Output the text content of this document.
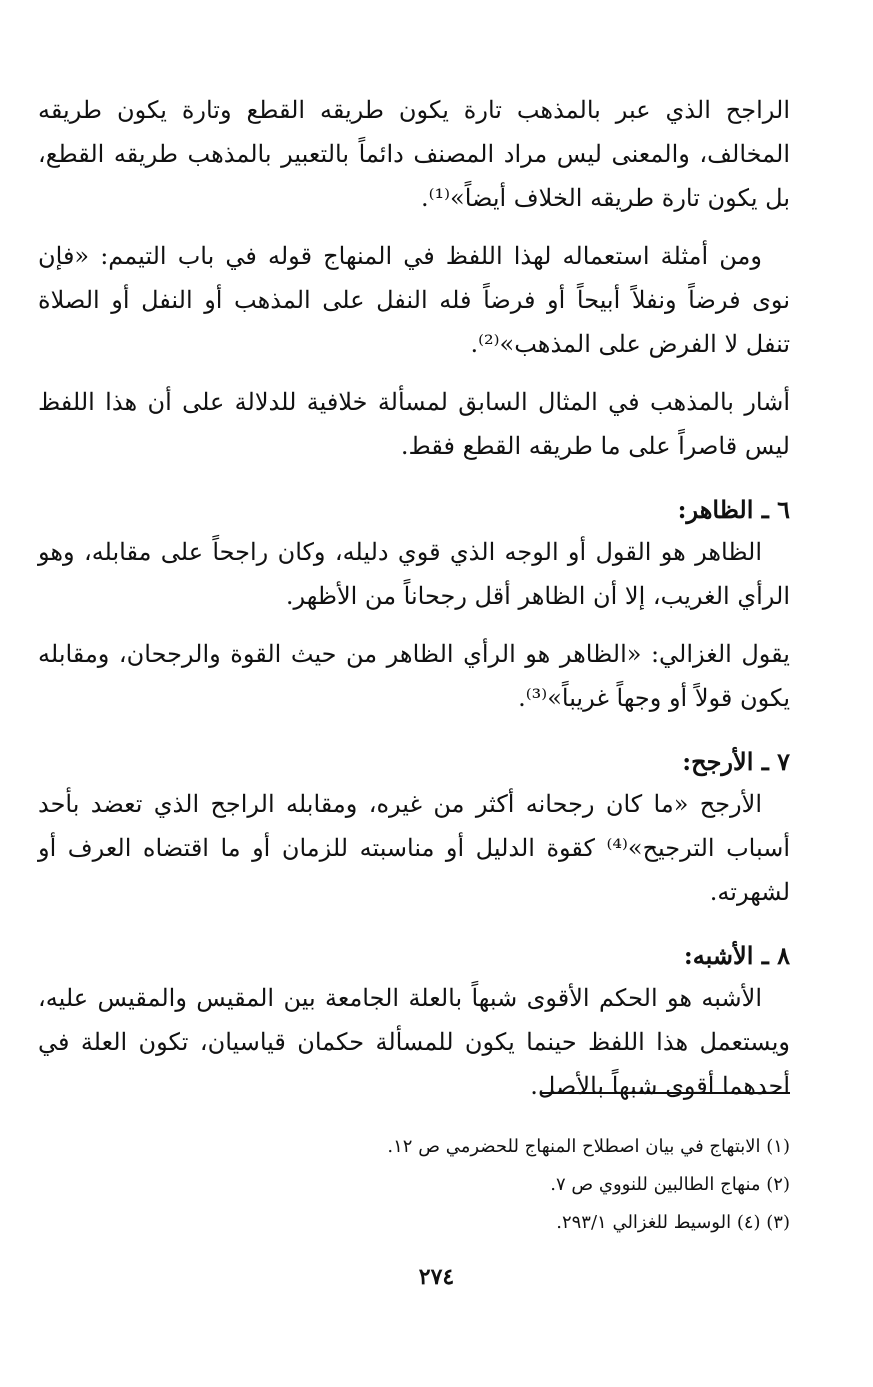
الراجح الذي عبر بالمذهب تارة يكون طريقه القطع وتارة يكون طريقه المخالف، والمعنى ليس مراد المصنف دائماً بالتعبير بالمذهب طريقه القطع، بل يكون تارة طريقه الخلاف أيضاً»⁽¹⁾.

ومن أمثلة استعماله لهذا اللفظ في المنهاج قوله في باب التيمم: «فإن نوى فرضاً ونفلاً أبيحاً أو فرضاً فله النفل على المذهب أو النفل أو الصلاة تنفل لا الفرض على المذهب»⁽²⁾.

أشار بالمذهب في المثال السابق لمسألة خلافية للدلالة على أن هذا اللفظ ليس قاصراً على ما طريقه القطع فقط.

٦ ـ الظاهر:

الظاهر هو القول أو الوجه الذي قوي دليله، وكان راجحاً على مقابله، وهو الرأي الغريب، إلا أن الظاهر أقل رجحاناً من الأظهر.

يقول الغزالي: «الظاهر هو الرأي الظاهر من حيث القوة والرجحان، ومقابله يكون قولاً أو وجهاً غريباً»⁽³⁾.

٧ ـ الأرجح:

الأرجح «ما كان رجحانه أكثر من غيره، ومقابله الراجح الذي تعضد بأحد أسباب الترجيح»⁽⁴⁾ كقوة الدليل أو مناسبته للزمان أو ما اقتضاه العرف أو لشهرته.

٨ ـ الأشبه:

الأشبه هو الحكم الأقوى شبهاً بالعلة الجامعة بين المقيس والمقيس عليه، ويستعمل هذا اللفظ حينما يكون للمسألة حكمان قياسيان، تكون العلة في أحدهما أقوى شبهاً بالأصل.

(١) الابتهاج في بيان اصطلاح المنهاج للحضرمي ص ١٢.

(٢) منهاج الطالبين للنووي ص ٧.

(٣) (٤) الوسيط للغزالي ٢٩٣/١.

٢٧٤
